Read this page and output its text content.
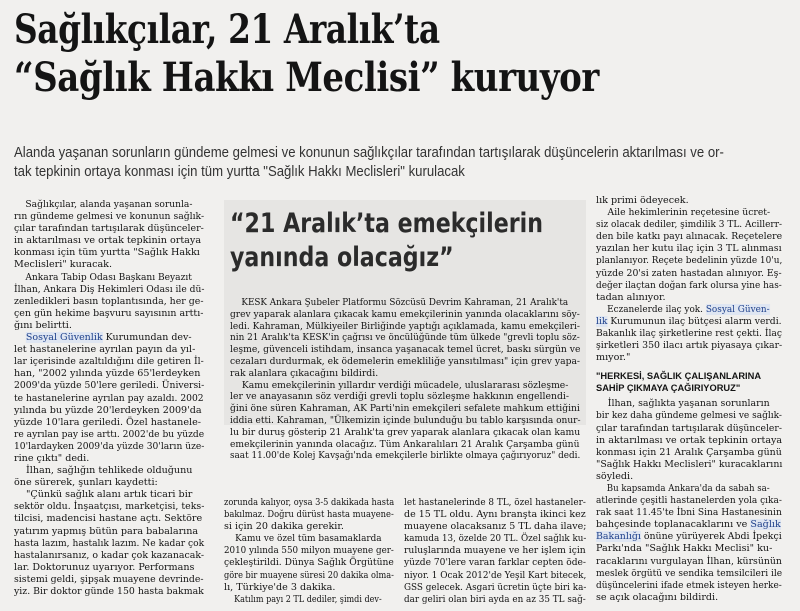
Sağlıkçılar, 21 Aralık’ta
“Sağlık Hakkı Meclisi” kuruyor
Alanda yaşanan sorunların gündeme gelmesi ve konunun sağlıkçılar tarafından tartışılarak düşüncelerin aktarılması ve or-
tak tepkinin ortaya konması için tüm yurtta "Sağlık Hakkı Meclisleri" kurulacak
Sağlıkçılar, alanda yaşanan sorunla-
rın gündeme gelmesi ve konunun sağlık-
çılar tarafından tartışılarak düşünceler-
in aktarılması ve ortak tepkinin ortaya
konması için tüm yurtta "Sağlık Hakkı
Meclisleri" kuracak.
Ankara Tabip Odası Başkanı Beyazıt
İlhan, Ankara Diş Hekimleri Odası ile dü-
zenledikleri basın toplantısında, her ge-
çen gün hekime başvuru sayısının arttı-
ğını belirtti.
Sosyal Güvenlik Kurumundan dev-
let hastanelerine ayrılan payın da yıl-
lar içerisinde azaltıldığını dile getiren İl-
han, "2002 yılında yüzde 65'lerdeyken
2009'da yüzde 50'lere geriledi. Üniversi-
te hastanelerine ayrılan pay azaldı. 2002
yılında bu yüzde 20'lerdeyken 2009'da
yüzde 10'lara geriledi. Özel hastanele-
re ayrılan pay ise arttı. 2002'de bu yüzde
10'lardayken 2009'da yüzde 30'ların üze-
rine çıktı" dedi.
İlhan, sağlığın tehlikede olduğunu
öne sürerek, şunları kaydetti:
"Çünkü sağlık alanı artık ticari bir
sektör oldu. İnşaatçısı, marketçisi, teks-
tilcisi, madencisi hastane açtı. Sektöre
yatırım yapmış bütün para babalarına
hasta lazım, hastalık lazım. Ne kadar çok
hastalanırsanız, o kadar çok kazanacak-
lar. Doktorunuz uyarıyor. Performans
sistemi geldi, şipşak muayene devrinde-
yiz. Bir doktor günde 150 hasta bakmak
“21 Aralık’ta emekçilerin
yanında olacağız”
KESK Ankara Şubeler Platformu Sözcüsü Devrim Kahraman, 21 Aralık'ta
grev yaparak alanlara çıkacak kamu emekçilerinin yanında olacaklarını söy-
ledi. Kahraman, Mülkiyeiler Birliğinde yaptığı açıklamada, kamu emekçileri-
nin 21 Aralık'ta KESK'in çağrısı ve öncülüğünde tüm ülkede "grevli toplu söz-
leşme, güvenceli istihdam, insanca yaşanacak temel ücret, baskı sürgün ve
cezaları durdurmak, ek ödemelerin emekliliğe yansıtılması" için grev yapa-
rak alanlara çıkacağını bildirdi.
Kamu emekçilerinin yıllardır verdiği mücadele, uluslararası sözleşme-
ler ve anayasanın söz verdiği grevli toplu sözleşme hakkının engellendi-
ğini öne süren Kahraman, AK Parti'nin emekçileri sefalete mahkum ettiğini
iddia etti. Kahraman, "Ülkemizin içinde bulunduğu bu tablo karşısında onur-
lu bir duruş gösterip 21 Aralık'ta grev yaparak alanlara çıkacak olan kamu
emekçilerinin yanında olacağız. Tüm Ankaralıları 21 Aralık Çarşamba günü
saat 11.00'de Kolej Kavşağı'nda emekçilerle birlikte olmaya çağırıyoruz" dedi.
zorunda kalıyor, oysa 3-5 dakikada hasta
bakılmaz. Doğru dürüst hasta muayene-
si için 20 dakika gerekir.
Kamu ve özel tüm basamaklarda
2010 yılında 550 milyon muayene ger-
çekleştirildi. Dünya Sağlık Örgütüne
göre bir muayene süresi 20 dakika olma-
lı, Türkiye'de 3 dakika.
Katılım payı 2 TL dediler, şimdi dev-
let hastanelerinde 8 TL, özel hastaneler-
de 15 TL oldu. Aynı branşta ikinci kez
muayene olacaksanız 5 TL daha ilave;
kamuda 13, özelde 20 TL. Özel sağlık ku-
ruluşlarında muayene ve her işlem için
yüzde 70'lere varan farklar cepten öde-
niyor. 1 Ocak 2012'de Yeşil Kart bitecek,
GSS gelecek. Asgari ücretin üçte biri ka-
dar geliri olan biri ayda en az 35 TL sağ-
lık primi ödeyecek.
Aile hekimlerinin reçetesine ücret-
siz olacak dediler, şimdilik 3 TL. Acillerr-
den bile katkı payı alınacak. Reçetelere
yazılan her kutu ilaç için 3 TL alınması
planlanıyor. Reçete bedelinin yüzde 10'u,
yüzde 20'si zaten hastadan alınıyor. Eş-
değer ilaçtan doğan fark olursa yine has-
tadan alınıyor.
Eczanelerde ilaç yok. Sosyal Güven-
lik Kurumunun ilaç bütçesi alarm verdi.
Bakanlık ilaç şirketlerine rest çekti. İlaç
şirketleri 350 ilacı artık piyasaya çıkar-
mıyor."
"HERKESİ, SAĞLIK ÇALIŞANLARINA
SAHİP ÇIKMAYA ÇAĞIRIYORUZ"
İlhan, sağlıkta yaşanan sorunların
bir kez daha gündeme gelmesi ve sağlık-
çılar tarafından tartışılarak düşünceler-
in aktarılması ve ortak tepkinin ortaya
konması için 21 Aralık Çarşamba günü
"Sağlık Hakkı Meclisleri" kuracaklarını
söyledi.
Bu kapsamda Ankara'da da sabah sa-
atlerinde çeşitli hastanelerden yola çıka-
rak saat 11.45'te İbni Sina Hastanesinin
bahçesinde toplanacaklarını ve Sağlık
Bakanlığı önüne yürüyerek Abdi İpekçi
Parkı'nda "Sağlık Hakkı Meclisi" ku-
racaklarını vurgulayan İlhan, kürsünün
meslek örgütü ve sendika temsilcileri ile
düşüncelerini ifade etmek isteyen herke-
se açık olacağını bildirdi.
